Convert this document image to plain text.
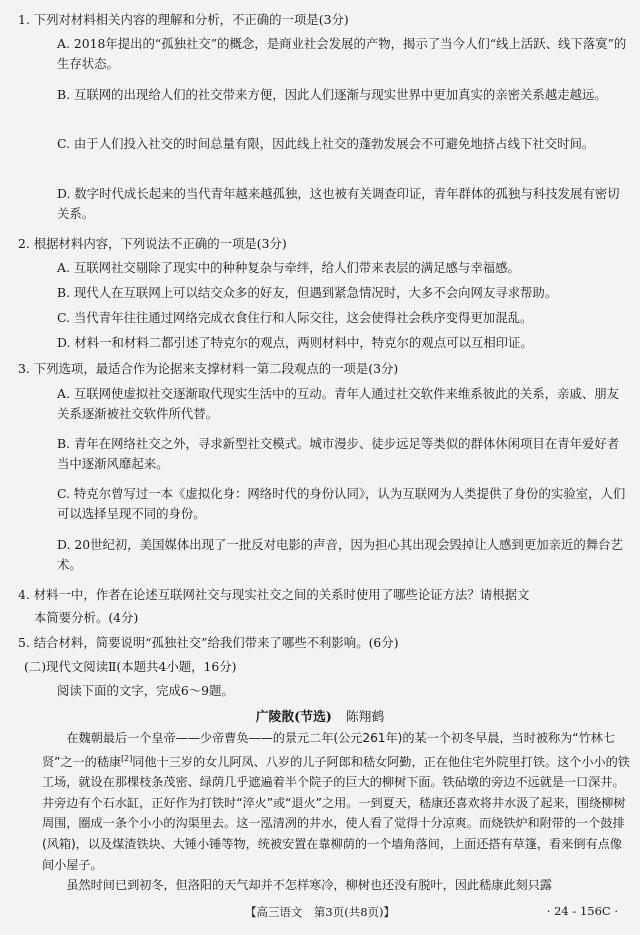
1. 下列对材料相关内容的理解和分析，不正确的一项是(3分)
A. 2018年提出的“孤独社交”的概念，是商业社会发展的产物，揭示了当今人们“线上活跃、线下落寞”的生存状态。
B. 互联网的出现给人们的社交带来方便，因此人们逐渐与现实世界中更加真实的亲密关系越走越远。
C. 由于人们投入社交的时间总量有限，因此线上社交的蓬勃发展会不可避免地挤占线下社交时间。
D. 数字时代成长起来的当代青年越来越孤独，这也被有关调查印证，青年群体的孤独与科技发展有密切关系。
2. 根据材料内容，下列说法不正确的一项是(3分)
A. 互联网社交剔除了现实中的种种复杂与牵绊，给人们带来表层的满足感与幸福感。
B. 现代人在互联网上可以结交众多的好友，但遇到紧急情况时，大多不会向网友寻求帮助。
C. 当代青年往往通过网络完成衣食住行和人际交往，这会使得社会秩序变得更加混乱。
D. 材料一和材料二都引述了特克尔的观点，两则材料中，特克尔的观点可以互相印证。
3. 下列选项，最适合作为论据来支撑材料一第二段观点的一项是(3分)
A. 互联网使虚拟社交逐渐取代现实生活中的互动。青年人通过社交软件来维系彼此的关系，亲戚、朋友关系逐渐被社交软件所代替。
B. 青年在网络社交之外，寻求新型社交模式。城市漫步、徒步远足等类似的群体休闲项目在青年爱好者当中逐渐风靡起来。
C. 特克尔曾写过一本《虚拟化身：网络时代的身份认同》，认为互联网为人类提供了身份的实验室，人们可以选择呈现不同的身份。
D. 20世纪初，美国媒体出现了一批反对电影的声音，因为担心其出现会毁掉让人感到更加亲近的舞台艺术。
4. 材料一中，作者在论述互联网社交与现实社交之间的关系时使用了哪些论证方法？请根据文
本简要分析。(4分)
5. 结合材料，简要说明“孤独社交”给我们带来了哪些不利影响。(6分)
(二)现代文阅读Ⅱ(本题共4小题，16分)
阅读下面的文字，完成6～9题。
广陵散(节选) 陈翔鹤
在魏朝最后一个皇帝——少帝曹奂——的景元二年(公元261年)的某一个初冬早晨，当时被称为“竹林七贤”之一的嵇康[2]同他十三岁的女儿阿凤、八岁的儿子阿郎和嵇女阿勤，正在他住宅外院里打铁。这个小小的铁工场，就设在那棵枝条茂密、绿荫几乎遮遍着半个院子的巨大的柳树下面。铁砧墩的旁边不远就是一口深井。井旁边有个石水缸，正好作为打铁时“淬火”或“退火”之用。一到夏天，嵇康还喜欢将井水汲了起来，围绕柳树周围，圈成一条个小小的沟渠里去。这一泓清冽的井水，使人看了觉得十分凉爽。而烧铁炉和附带的一个鼓排(风箱)，以及煤渣铁块、大锤小锤等物，统被安置在靠柳荫的一个墙角落间，上面还搭有草篷，看来倒有点像间小屋子。
虽然时间已到初冬，但洛阳的天气却并不怎样寒冷，柳树也还没有脱叶，因此嵇康此刻只露
【高三语文　第3页(共8页)】	· 24 - 156C ·
